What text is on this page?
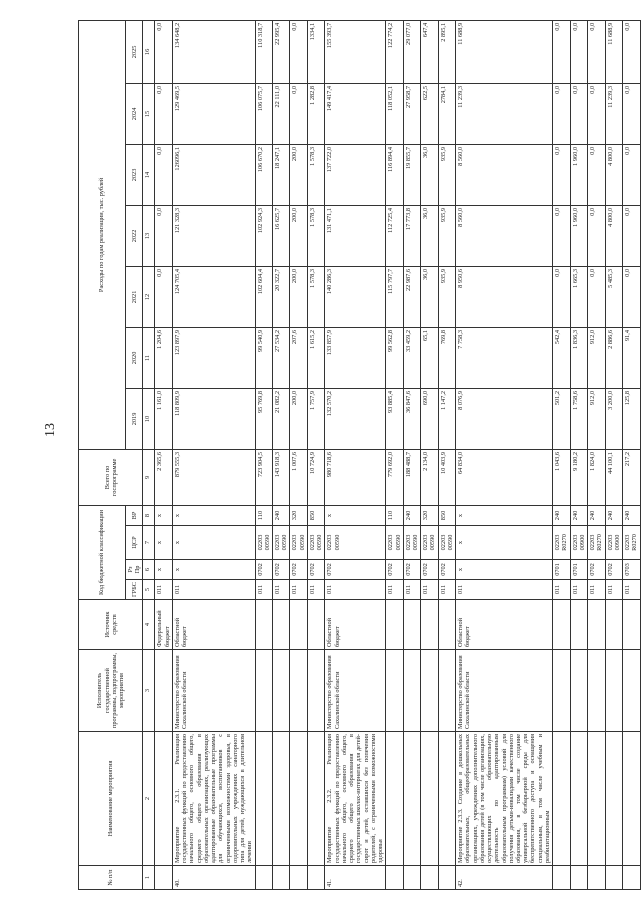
13
№ п/п	Наименование мероприятия	Исполнитель государственной программы, подпрограммы, мероприятия	Источник средств	Код бюджетной классификации				Всего по госпрограмме	Расходы по годам реализации, тыс. рублей						
				ГРБС	Рз Пр	ЦСР	ВР		2019	2020	2021	2022	2023	2024	2025

1	2	3	4	5	6	7	8	9	10	11	12	13	14	15	16
			Федеральный бюджет	011	x	x	x	2 365,6	1 161,0	1 204,6	0,0	0,0	0,0	0,0	0,0
40.	Мероприятие 2.3.1. Реализация государственных функций по предоставлению начального общего, основного общего, среднего общего образования в образовательных организациях, реализующих адаптированные образовательные программы для обучающихся, воспитанников с ограниченными возможностями здоровья, в оздоровительных учреждениях санаторного типа для детей, нуждающихся в длительном лечении	Министерство образования Сахалинской области	Областной бюджет	011	x	x	x	879 555,3	118 809,9	123 897,9	124 705,4	121 328,3	126096,1	129 469,5	134 648,2
				011	0702	02203 00590	110	723 904,5	95 769,8	99 540,9	102 604,4	102 924,3	106 670,2	106 075,7	110 318,7
				011	0702	02203 00590	240	143 918,3	21 082,2	27 534,2	20 322,7	16 625,7	18 247,1	22 111,0	22 995,4
				011	0702	02203 00590	320	1 007,6	200,0	207,6	200,0	200,0	200,0	0,0	0,0
				011	0702	02203 00590	850	10 724,9	1 757,9	1 615,2	1 578,3	1 578,3	1 578,3	1 282,8	1334,1
41.	Мероприятие 2.3.2. Реализация государственных функций по предоставлению начального общего, основного общего, среднего общего образования в государственных школах-интернатах для детей-сирот и детей, оставшихся без попечения родителей, с ограниченными возможностями здоровья	Министерство образования Сахалинской области	Областной бюджет	011	0702	02203 00590	x	980 718,6	132 570,2	133 857,9	140 286,3	131 471,1	137 722,0	149 417,4	155 393,7
				011	0702	02203 00590	110	779 692,0	93 885,4	99 562,8	115 797,7	112 725,4	116 894,4	118 052,1	122 774,2
				011	0702	02203 00590	240	188 488,7	36 847,6	33 459,2	22 987,6	17 773,8	19 855,7	27 958,7	29 077,0
				011	0702	02203 00590	320	2 134,0	690,0	65,1	36,0	36,0	36,0	622,5	647,4
				011	0702	02203 00590	850	10 403,9	1 147,2	769,8	935,9	935,9	935,9	2784,1	2 895,1
42.	Мероприятие 2.3.3. Создание в дошкольных образовательных, общеобразовательных организациях, учреждениях дополнительного образования детей (в том числе организациях, осуществляющих образовательную деятельность по адаптированным образовательным программам) условий для получения детьми-инвалидами качественного образования, в том числе создание универсальной безбарьерной среды для беспрепятственного доступа и оснащения специальным, в том числе учебным и реабилитационным	Министерство образования Сахалинской области	Областной бюджет	011	x	x	x	64 834,0	8 076,9	7 758,3	8 950,6	8 560,0	8 560,0	11 239,3	11 688,9
				011	0701	02203 R0270	240	1 043,6	501,2	542,4	0,0	0,0	0,0	0,0	0,0
				011	0701	02203 00900	240	9 180,2	1 758,6	1 836,3	1 665,3	1 960,0	1 960,0	0,0	0,0
				011	0702	02203 R0270	240	1 824,0	912,0	912,0	0,0	0,0	0,0	0,0	0,0
				011	0702	02203 00900	240	44 100,1	3 200,0	2 886,6	5 485,3	4 800,0	4 800,0	11 239,3	11 688,9
				011	0703	02203 R0270	240	217,2	125,8	91,4	0,0	0,0	0,0	0,0	0,0
